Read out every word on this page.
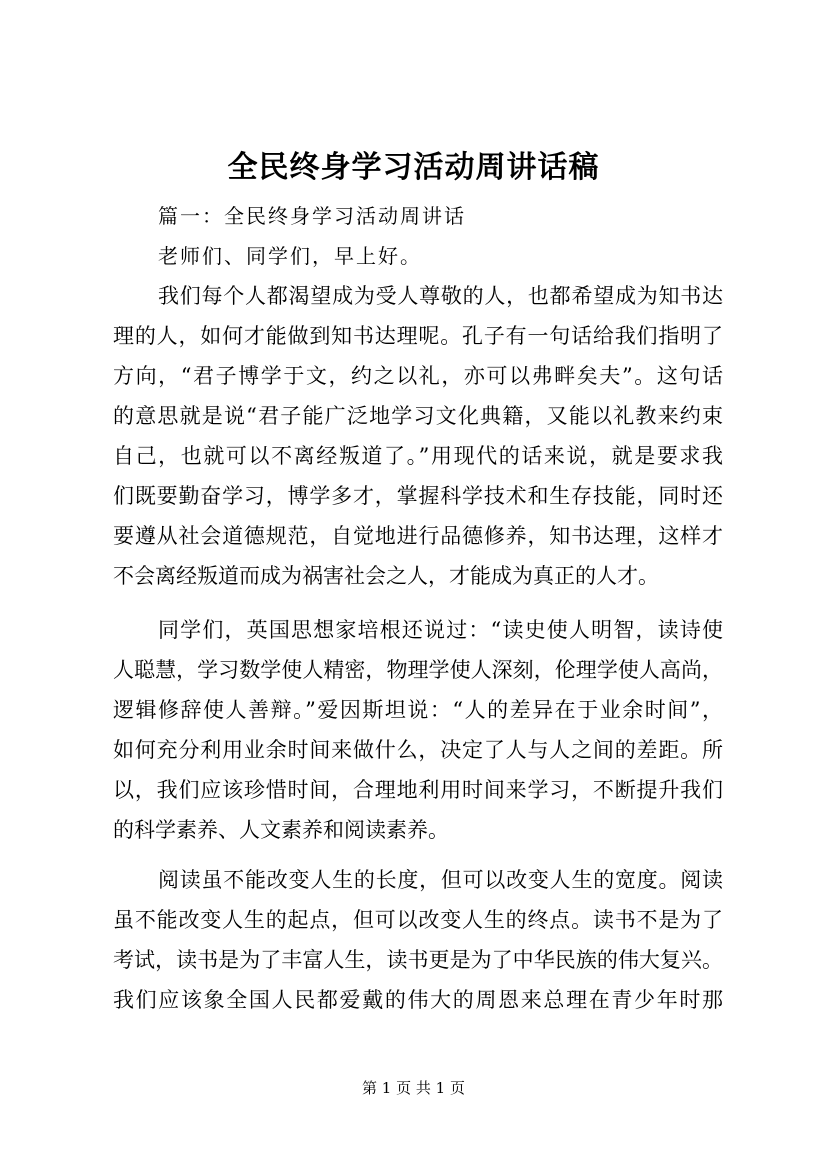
全民终身学习活动周讲话稿
篇一：全民终身学习活动周讲话
老师们、同学们，早上好。
我们每个人都渴望成为受人尊敬的人，也都希望成为知书达
理的人，如何才能做到知书达理呢。孔子有一句话给我们指明了
方向，“君子博学于文，约之以礼，亦可以弗畔矣夫”。这句话
的意思就是说“君子能广泛地学习文化典籍，又能以礼教来约束
自己，也就可以不离经叛道了。”用现代的话来说，就是要求我
们既要勤奋学习，博学多才，掌握科学技术和生存技能，同时还
要遵从社会道德规范，自觉地进行品德修养，知书达理，这样才
不会离经叛道而成为祸害社会之人，才能成为真正的人才。
同学们，英国思想家培根还说过：“读史使人明智，读诗使
人聪慧，学习数学使人精密，物理学使人深刻，伦理学使人高尚，
逻辑修辞使人善辩。”爱因斯坦说：“人的差异在于业余时间”，
如何充分利用业余时间来做什么，决定了人与人之间的差距。所
以，我们应该珍惜时间，合理地利用时间来学习，不断提升我们
的科学素养、人文素养和阅读素养。
阅读虽不能改变人生的长度，但可以改变人生的宽度。阅读
虽不能改变人生的起点，但可以改变人生的终点。读书不是为了
考试，读书是为了丰富人生，读书更是为了中华民族的伟大复兴。
我们应该象全国人民都爱戴的伟大的周恩来总理在青少年时那
第 1 页 共 1 页
